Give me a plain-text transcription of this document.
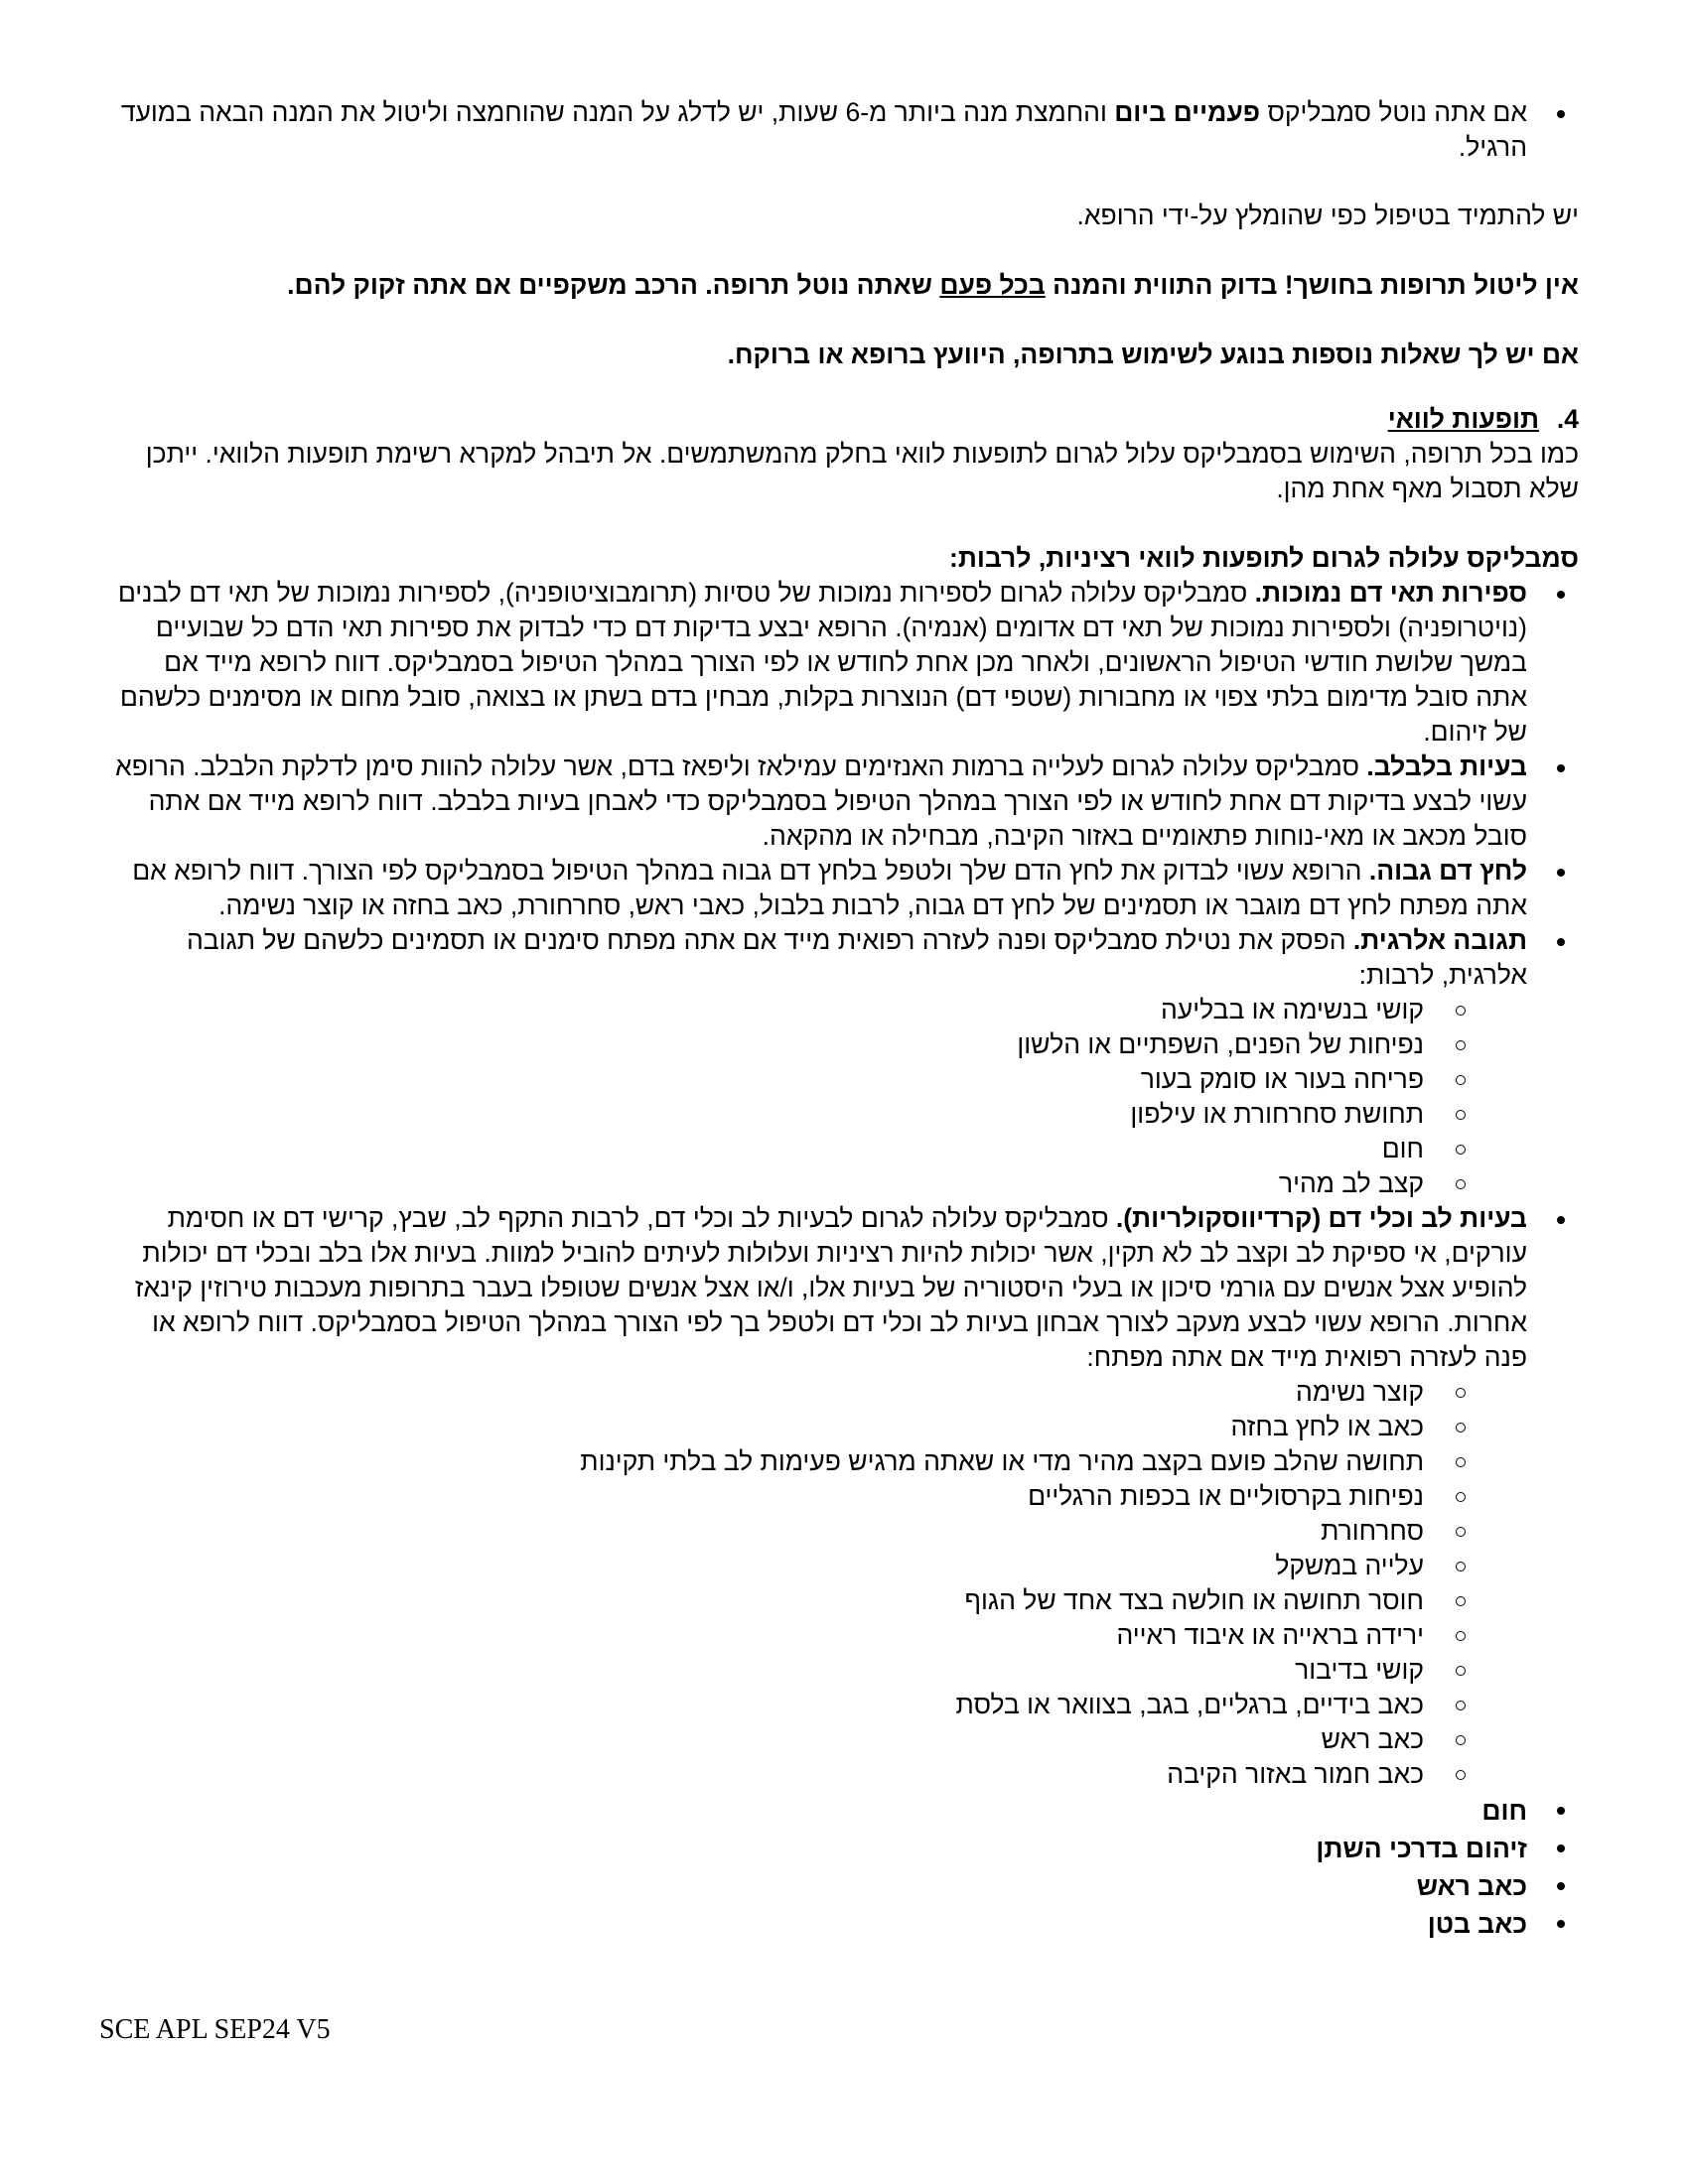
אם אתה נוטל סמבליקס פעמיים ביום והחמצת מנה ביותר מ-6 שעות, יש לדלג על המנה שהוחמצה וליטול את המנה הבאה במועד הרגיל.

יש להתמיד בטיפול כפי שהומלץ על-ידי הרופא.

אין ליטול תרופות בחושך! בדוק התווית והמנה בכל פעם שאתה נוטל תרופה. הרכב משקפיים אם אתה זקוק להם.

אם יש לך שאלות נוספות בנוגע לשימוש בתרופה, היוועץ ברופא או ברוקח.

4.
תופעות לוואי

כמו בכל תרופה, השימוש בסמבליקס עלול לגרום לתופעות לוואי בחלק מהמשתמשים. אל תיבהל למקרא רשימת תופעות הלוואי. ייתכן שלא תסבול מאף אחת מהן.

סמבליקס עלולה לגרום לתופעות לוואי רציניות, לרבות:

ספירות תאי דם נמוכות. סמבליקס עלולה לגרום לספירות נמוכות של טסיות (תרומבוציטופניה), לספירות נמוכות של תאי דם לבנים (נויטרופניה) ולספירות נמוכות של תאי דם אדומים (אנמיה). הרופא יבצע בדיקות דם כדי לבדוק את ספירות תאי הדם כל שבועיים במשך שלושת חודשי הטיפול הראשונים, ולאחר מכן אחת לחודש או לפי הצורך במהלך הטיפול בסמבליקס. דווח לרופא מייד אם אתה סובל מדימום בלתי צפוי או מחבורות (שטפי דם) הנוצרות בקלות, מבחין בדם בשתן או בצואה, סובל מחום או מסימנים כלשהם של זיהום.
בעיות בלבלב. סמבליקס עלולה לגרום לעלייה ברמות האנזימים עמילאז וליפאז בדם, אשר עלולה להוות סימן לדלקת הלבלב. הרופא עשוי לבצע בדיקות דם אחת לחודש או לפי הצורך במהלך הטיפול בסמבליקס כדי לאבחן בעיות בלבלב. דווח לרופא מייד אם אתה סובל מכאב או מאי-נוחות פתאומיים באזור הקיבה, מבחילה או מהקאה.
לחץ דם גבוה. הרופא עשוי לבדוק את לחץ הדם שלך ולטפל בלחץ דם גבוה במהלך הטיפול בסמבליקס לפי הצורך. דווח לרופא אם אתה מפתח לחץ דם מוגבר או תסמינים של לחץ דם גבוה, לרבות בלבול, כאבי ראש, סחרחורת, כאב בחזה או קוצר נשימה.
תגובה אלרגית. הפסק את נטילת סמבליקס ופנה לעזרה רפואית מייד אם אתה מפתח סימנים או תסמינים כלשהם של תגובה אלרגית, לרבות:
קושי בנשימה או בבליעה
נפיחות של הפנים, השפתיים או הלשון
פריחה בעור או סומק בעור
תחושת סחרחורת או עילפון
חום
קצב לב מהיר
בעיות לב וכלי דם (קרדיווסקולריות). סמבליקס עלולה לגרום לבעיות לב וכלי דם, לרבות התקף לב, שבץ, קרישי דם או חסימת עורקים, אי ספיקת לב וקצב לב לא תקין, אשר יכולות להיות רציניות ועלולות לעיתים להוביל למוות. בעיות אלו בלב ובכלי דם יכולות להופיע אצל אנשים עם גורמי סיכון או בעלי היסטוריה של בעיות אלו, ו/או אצל אנשים שטופלו בעבר בתרופות מעכבות טירוזין קינאז אחרות. הרופא עשוי לבצע מעקב לצורך אבחון בעיות לב וכלי דם ולטפל בך לפי הצורך במהלך הטיפול בסמבליקס. דווח לרופא או פנה לעזרה רפואית מייד אם אתה מפתח:
קוצר נשימה
כאב או לחץ בחזה
תחושה שהלב פועם בקצב מהיר מדי או שאתה מרגיש פעימות לב בלתי תקינות
נפיחות בקרסוליים או בכפות הרגליים
סחרחורת
עלייה במשקל
חוסר תחושה או חולשה בצד אחד של הגוף
ירידה בראייה או איבוד ראייה
קושי בדיבור
כאב בידיים, ברגליים, בגב, בצוואר או בלסת
כאב ראש
כאב חמור באזור הקיבה
חום
זיהום בדרכי השתן
כאב ראש
כאב בטן
SCE APL SEP24 V5
